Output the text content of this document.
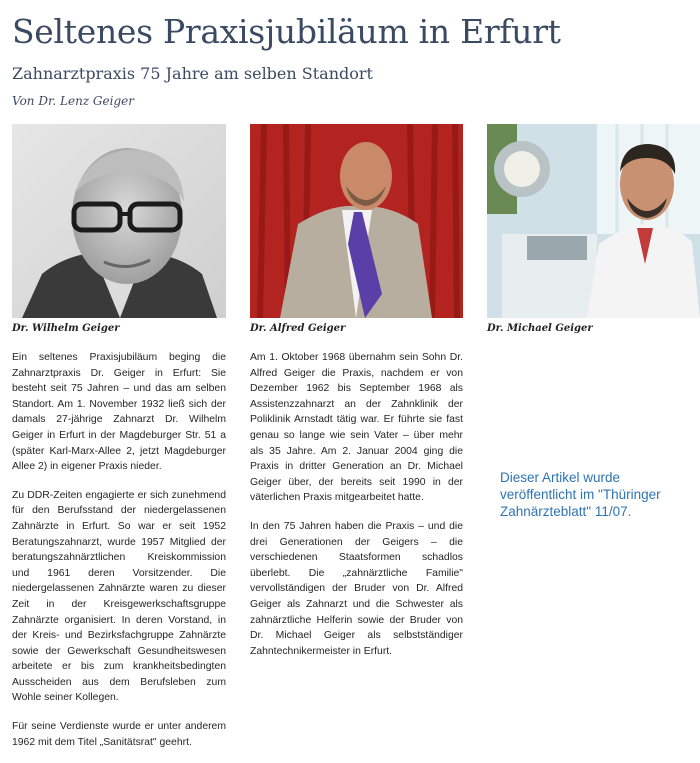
Seltenes Praxisjubiläum in Erfurt
Zahnarztpraxis 75 Jahre am selben Standort
Von Dr. Lenz Geiger
Dr. Wilhelm Geiger	Dr. Alfred Geiger	Dr. Michael Geiger

Ein seltenes Praxisjubiläum beging die Zahnarztpraxis Dr. Geiger in Erfurt: Sie besteht seit 75 Jahren – und das am selben Standort. Am 1. November 1932 ließ sich der damals 27-jährige Zahnarzt Dr. Wilhelm Geiger in Erfurt in der Magdeburger Str. 51 a (später Karl-Marx-Allee 2, jetzt Magdeburger Allee 2) in eigener Praxis nieder.

Zu DDR-Zeiten engagierte er sich zunehmend für den Berufsstand der niedergelassenen Zahnärzte in Erfurt. So war er seit 1952 Beratungszahnarzt, wurde 1957 Mitglied der beratungszahnärztlichen Kreiskommission und 1961 deren Vorsitzender. Die niedergelassenen Zahnärzte waren zu dieser Zeit in der Kreisgewerkschaftsgruppe Zahnärzte organisiert. In deren Vorstand, in der Kreis- und Bezirksfachgruppe Zahnärzte sowie der Gewerkschaft Gesundheitswesen arbeitete er bis zum krankheitsbedingten Ausscheiden aus dem Berufsleben zum Wohle seiner Kollegen.

Für seine Verdienste wurde er unter anderem 1962 mit dem Titel „Sanitätsrat" geehrt.

Am 1. Oktober 1968 übernahm sein Sohn Dr. Alfred Geiger die Praxis, nachdem er von Dezember 1962 bis September 1968 als Assistenzzahnarzt an der Zahnklinik der Poliklinik Arnstadt tätig war. Er führte sie fast genau so lange wie sein Vater – über mehr als 35 Jahre. Am 2. Januar 2004 ging die Praxis in dritter Generation an Dr. Michael Geiger über, der bereits seit 1990 in der väterlichen Praxis mitgearbeitet hatte.

In den 75 Jahren haben die Praxis – und die drei Generationen der Geigers – die verschiedenen Staatsformen schadlos überlebt. Die „zahnärztliche Familie" vervollständigen der Bruder von Dr. Alfred Geiger als Zahnarzt und die Schwester als zahnärztliche Helferin sowie der Bruder von Dr. Michael Geiger als selbstständiger Zahntechnikermeister in Erfurt.

Dieser Artikel wurde veröffentlicht im "Thüringer Zahnärzteblatt" 11/07.
